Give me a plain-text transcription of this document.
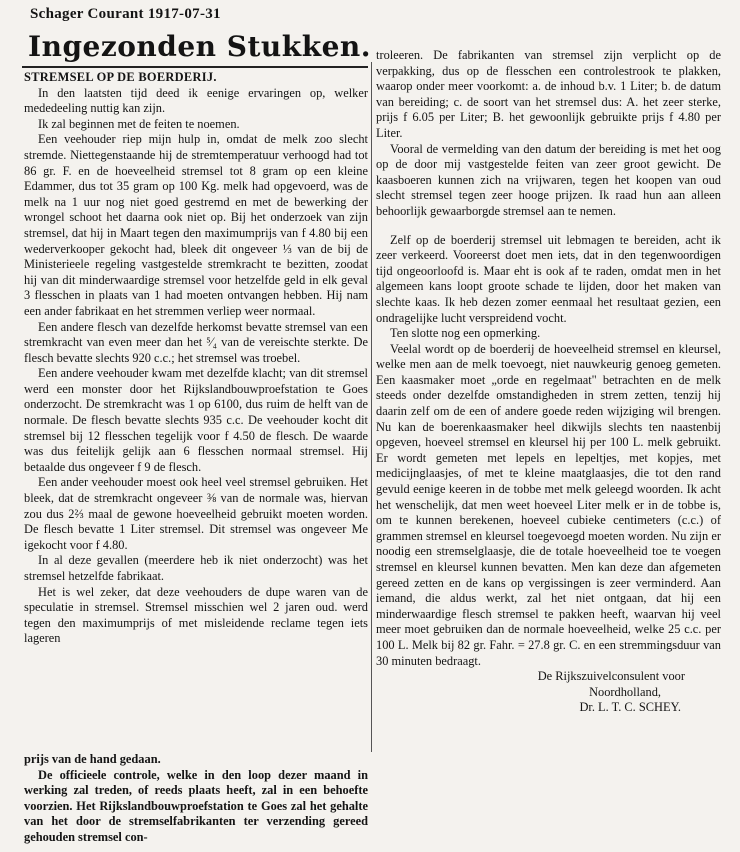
Schager Courant 1917-07-31
Ingezonden Stukken.

STREMSEL OP DE BOERDERIJ.

In den laatsten tijd deed ik eenige ervaringen op, welker mededeeling nuttig kan zijn.

Ik zal beginnen met de feiten te noemen.

Een veehouder riep mijn hulp in, omdat de melk zoo slecht stremde. Niettegenstaande hij de stremtemperatuur verhoogd had tot 86 gr. F. en de hoeveelheid stremsel tot 8 gram op een kleine Edammer, dus tot 35 gram op 100 Kg. melk had opgevoerd, was de melk na 1 uur nog niet goed gestremd en met de bewerking der wrongel schoot het daarna ook niet op. Bij het onderzoek van zijn stremsel, dat hij in Maart tegen den maximumprijs van f 4.80 bij een wederverkooper gekocht had, bleek dit ongeveer ⅓ van de bij de Ministerieele regeling vastgestelde stremkracht te bezitten, zoodat hij van dit minderwaardige stremsel voor hetzelfde geld in elk geval 3 flesschen in plaats van 1 had moeten ontvangen hebben. Hij nam een ander fabrikaat en het stremmen verliep weer normaal.

Een andere flesch van dezelfde herkomst bevatte stremsel van een stremkracht van even meer dan het ⁵⁄₄ van de vereischte sterkte. De flesch bevatte slechts 920 c.c.; het stremsel was troebel.

Een andere veehouder kwam met dezelfde klacht; van dit stremsel werd een monster door het Rijkslandbouwproefstation te Goes onderzocht. De stremkracht was 1 op 6100, dus ruim de helft van de normale. De flesch bevatte slechts 935 c.c. De veehouder kocht dit stremsel bij 12 flesschen tegelijk voor f 4.50 de flesch. De waarde was dus feitelijk gelijk aan 6 flesschen normaal stremsel. Hij betaalde dus ongeveer f 9 de flesch.

Een ander veehouder moest ook heel veel stremsel gebruiken. Het bleek, dat de stremkracht ongeveer ⅜ van de normale was, hiervan zou dus 2⅔ maal de gewone hoeveelheid gebruikt moeten worden. De flesch bevatte 1 Liter stremsel. Dit stremsel was ongeveer Me igekocht voor f 4.80.

In al deze gevallen (meerdere heb ik niet onderzocht) was het stremsel hetzelfde fabrikaat.

Het is wel zeker, dat deze veehouders de dupe waren van de speculatie in stremsel. Stremsel misschien wel 2 jaren oud. werd tegen den maximumprijs of met misleidende reclame tegen iets lageren

prijs van de hand gedaan.

De officieele controle, welke in den loop dezer maand in werking zal treden, of reeds plaats heeft, zal in een behoefte voorzien. Het Rijkslandbouwproefstation te Goes zal het gehalte van het door de stremselfabrikanten ter verzending gereed gehouden stremsel con-

troleeren. De fabrikanten van stremsel zijn verplicht op de verpakking, dus op de flesschen een controlestrook te plakken, waarop onder meer voorkomt: a. de inhoud b.v. 1 Liter; b. de datum van bereiding; c. de soort van het stremsel dus: A. het zeer sterke, prijs f 6.05 per Liter; B. het gewoonlijk gebruikte prijs f 4.80 per Liter.

Vooral de vermelding van den datum der bereiding is met het oog op de door mij vastgestelde feiten van zeer groot gewicht. De kaasboeren kunnen zich na vrijwaren, tegen het koopen van oud slecht stremsel tegen zeer hooge prijzen. Ik raad hun aan alleen behoorlijk gewaarborgde stremsel aan te nemen.

Zelf op de boerderij stremsel uit lebmagen te bereiden, acht ik zeer verkeerd. Vooreerst doet men iets, dat in den tegenwoordigen tijd ongeoorloofd is. Maar eht is ook af te raden, omdat men in het algemeen kans loopt groote schade te lijden, door het maken van slechte kaas. Ik heb dezen zomer eenmaal het resultaat gezien, een ondragelijke lucht verspreidend vocht.

Ten slotte nog een opmerking.

Veelal wordt op de boerderij de hoeveelheid stremsel en kleursel, welke men aan de melk toevoegt, niet nauwkeurig genoeg gemeten. Een kaasmaker moet „orde en regelmaat" betrachten en de melk steeds onder dezelfde omstandigheden in strem zetten, tenzij hij daarin zelf om de een of andere goede reden wijziging wil brengen. Nu kan de boerenkaasmaker heel dikwijls slechts ten naastenbij opgeven, hoeveel stremsel en kleursel hij per 100 L. melk gebruikt. Er wordt gemeten met lepels en lepeltjes, met kopjes, met medicijnglaasjes, of met te kleine maatglaasjes, die tot den rand gevuld eenige keeren in de tobbe met melk geleegd woorden. Ik acht het wenschelijk, dat men weet hoeveel Liter melk er in de tobbe is, om te kunnen berekenen, hoeveel cubieke centimeters (c.c.) of grammen stremsel en kleursel toegevoegd moeten worden. Nu zijn er noodig een stremselglaasje, die de totale hoeveelheid toe te voegen stremsel en kleursel kunnen bevatten. Men kan deze dan afgemeten gereed zetten en de kans op vergissingen is zeer verminderd. Aan iemand, die aldus werkt, zal het niet ontgaan, dat hij een minderwaardige flesch stremsel te pakken heeft, waarvan hij veel meer moet gebruiken dan de normale hoeveelheid, welke 25 c.c. per 100 L. Melk bij 82 gr. Fahr. = 27.8 gr. C. en een stremmingsduur van 30 minuten bedraagt.

De Rijkszuivelconsulent voor

Noordholland,

Dr. L. T. C. SCHEY.
